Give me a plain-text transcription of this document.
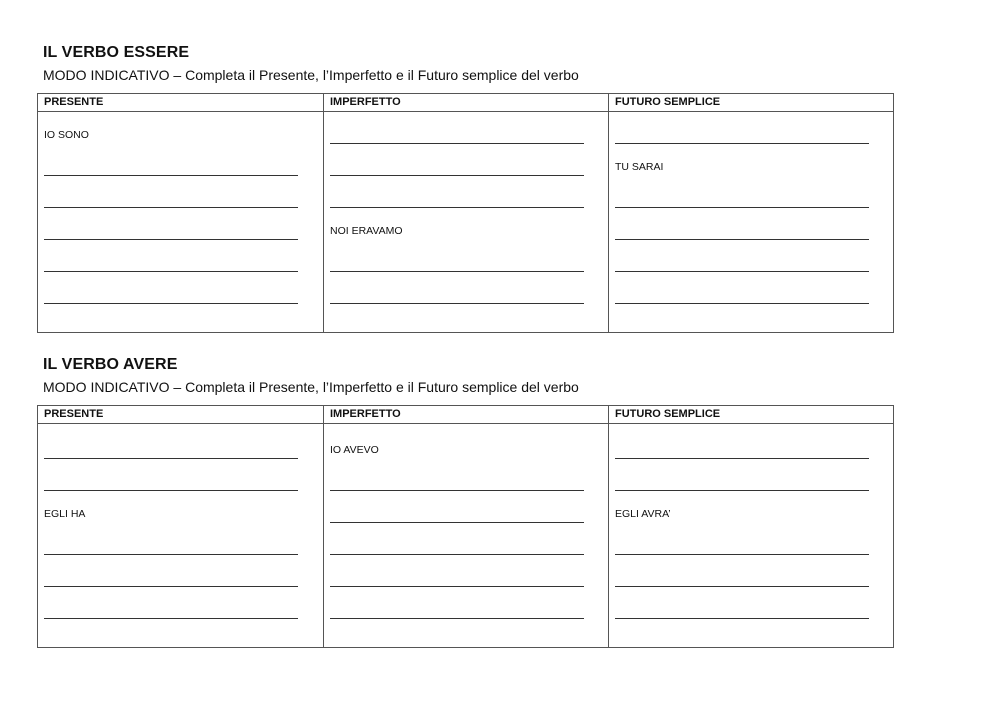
IL VERBO ESSERE

MODO INDICATIVO – Completa il Presente, l’Imperfetto e il Futuro semplice del verbo

PRESENTE
IO SONO
IMPERFETTO
NOI ERAVAMO
FUTURO SEMPLICE
TU SARAI
IL VERBO AVERE

MODO INDICATIVO – Completa il Presente, l’Imperfetto e il Futuro semplice del verbo

PRESENTE
EGLI HA
IMPERFETTO
IO AVEVO
FUTURO SEMPLICE
EGLI AVRA’
